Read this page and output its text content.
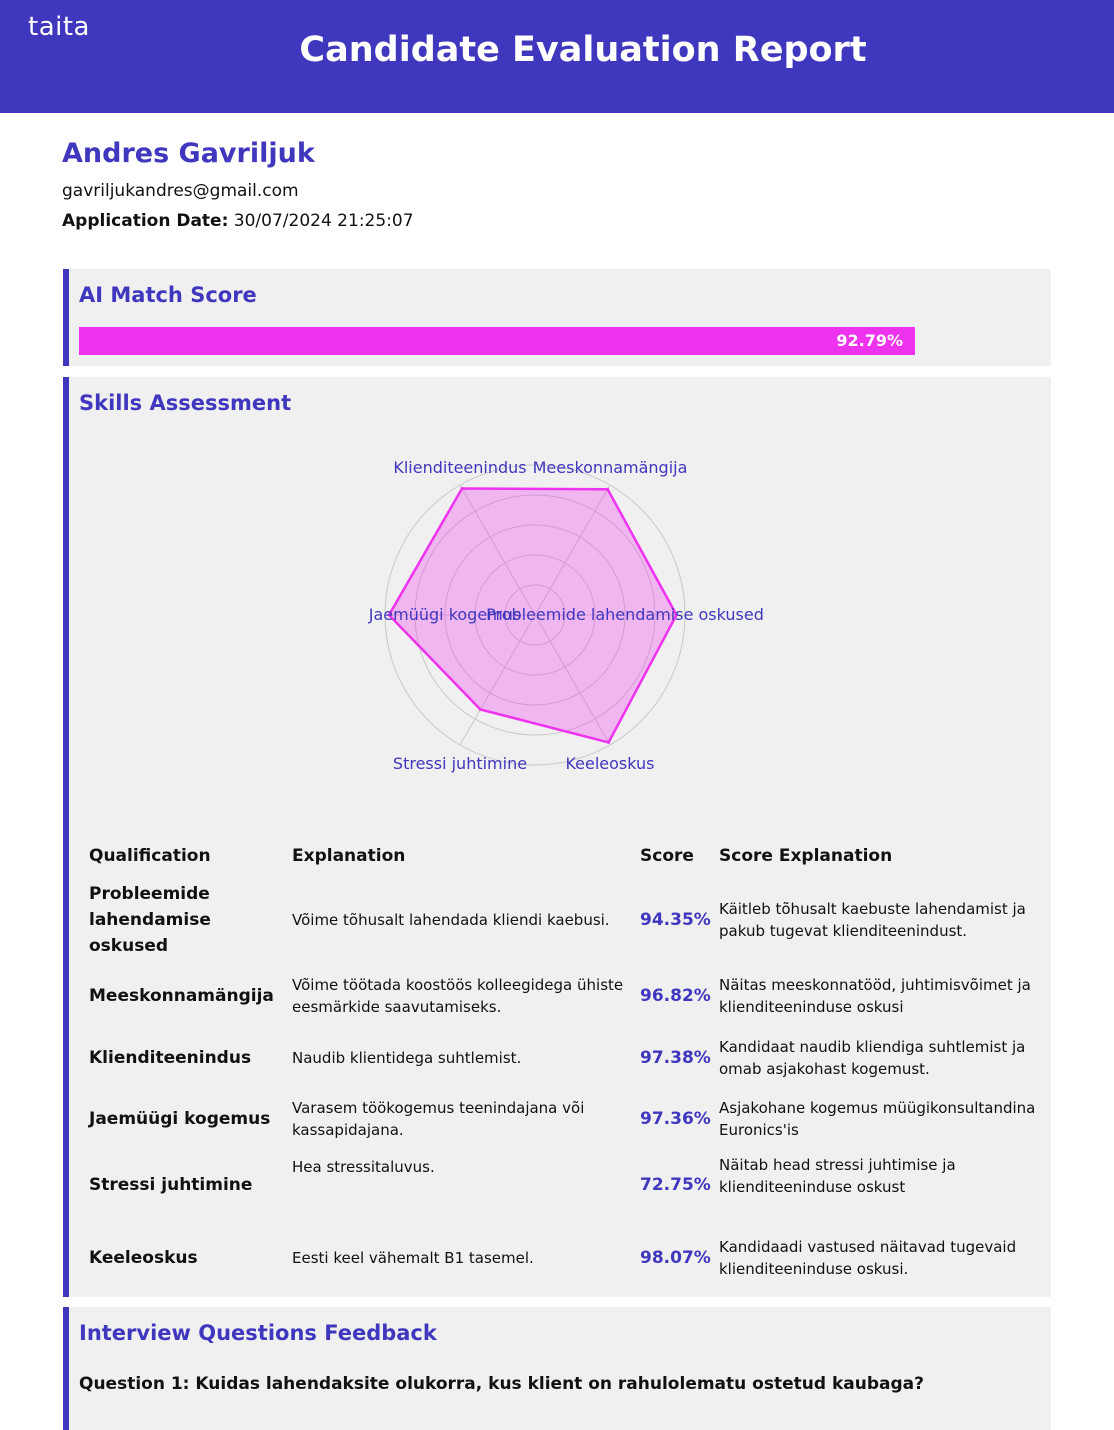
taita
Candidate Evaluation Report
Andres Gavriljuk
gavriljukandres@gmail.com
Application Date: 30/07/2024 21:25:07
AI Match Score
92.79%
Skills Assessment
Probleemide lahendamise oskused
Meeskonnamängija
Klienditeenindus
Jaemüügi kogemus
Stressi juhtimine Keeleoskus
Qualification	Explanation	Score	Score Explanation
Probleemide lahendamise oskused	Võime tõhusalt lahendada kliendi kaebusi.	94.35%	Käitleb tõhusalt kaebuste lahendamist ja pakub tugevat klienditeenindust.
Meeskonnamängija	Võime töötada koostöös kolleegidega ühiste eesmärkide saavutamiseks.	96.82%	Näitas meeskonnatööd, juhtimisvõimet ja klienditeeninduse oskusi
Klienditeenindus	Naudib klientidega suhtlemist.	97.38%	Kandidaat naudib kliendiga suhtlemist ja omab asjakohast kogemust.
Jaemüügi kogemus	Varasem töökogemus teenindajana või kassapidajana.	97.36%	Asjakohane kogemus müügikonsultandina Euronics'is
Stressi juhtimine	Hea stressitaluvus.	72.75%	Näitab head stressi juhtimise ja klienditeeninduse oskust
Keeleoskus	Eesti keel vähemalt B1 tasemel.	98.07%	Kandidaadi vastused näitavad tugevaid klienditeeninduse oskusi.
Interview Questions Feedback
Question 1: Kuidas lahendaksite olukorra, kus klient on rahulolematu ostetud kaubaga?
